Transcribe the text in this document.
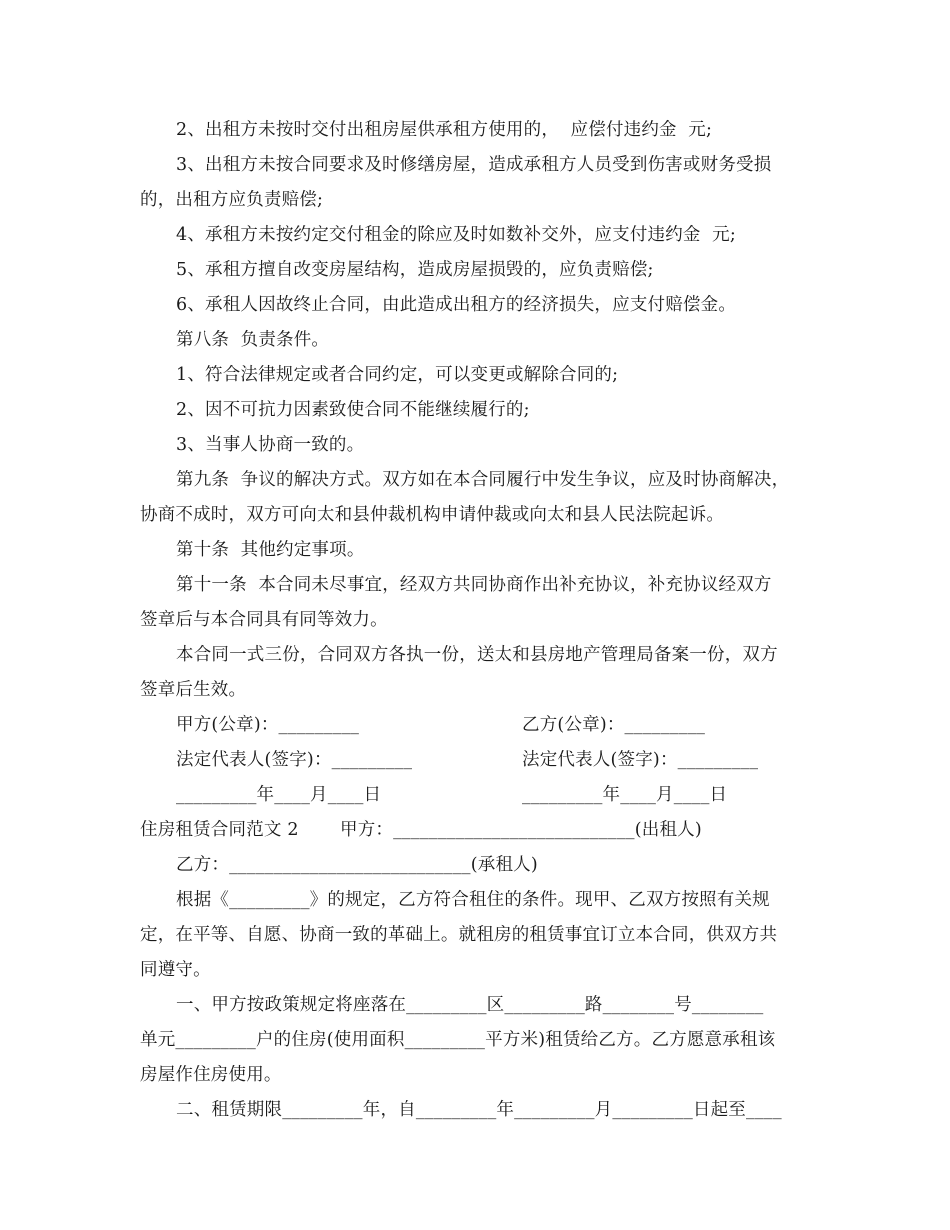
2、出租方未按时交付出租房屋供承租方使用的，  应偿付违约金  元;
3、出租方未按合同要求及时修缮房屋，造成承租方人员受到伤害或财务受损
的，出租方应负责赔偿;
4、承租方未按约定交付租金的除应及时如数补交外，应支付违约金  元;
5、承租方擅自改变房屋结构，造成房屋损毁的，应负责赔偿;
6、承租人因故终止合同，由此造成出租方的经济损失，应支付赔偿金。
第八条  负责条件。
1、符合法律规定或者合同约定，可以变更或解除合同的;
2、因不可抗力因素致使合同不能继续履行的;
3、当事人协商一致的。
第九条  争议的解决方式。双方如在本合同履行中发生争议，应及时协商解决，
协商不成时，双方可向太和县仲裁机构申请仲裁或向太和县人民法院起诉。
第十条  其他约定事项。
第十一条  本合同未尽事宜，经双方共同协商作出补充协议，补充协议经双方
签章后与本合同具有同等效力。
本合同一式三份，合同双方各执一份，送太和县房地产管理局备案一份，双方
签章后生效。
甲方(公章)：_________	乙方(公章)：_________
法定代表人(签字)：_________	法定代表人(签字)：_________
_________年____月____日	_________年____月____日
住房租赁合同范文 2 甲方：___________________________(出租人)
乙方：___________________________(承租人)
根据《_________》的规定，乙方符合租住的条件。现甲、乙双方按照有关规
定，在平等、自愿、协商一致的革础上。就租房的租赁事宜订立本合同，供双方共
同遵守。
一、甲方按政策规定将座落在_________区_________路________号________
单元_________户的住房(使用面积_________平方米)租赁给乙方。乙方愿意承租该
房屋作住房使用。
二、租赁期限_________年，自_________年_________月_________日起至____
